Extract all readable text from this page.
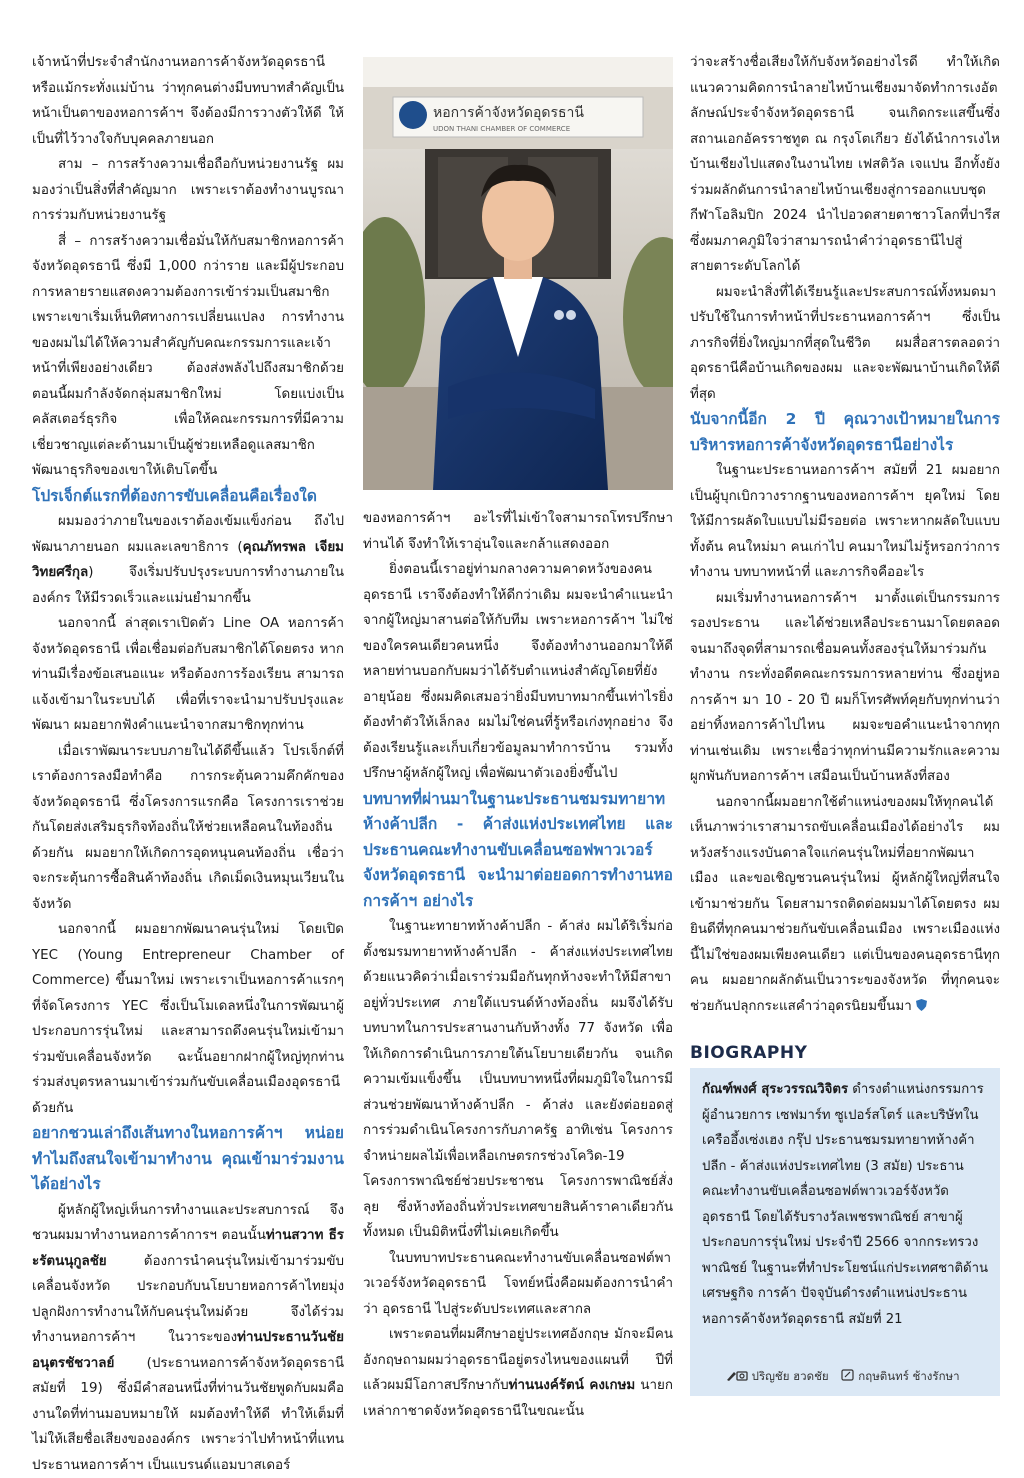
เจ้าหน้าที่ประจำสำนักงานหอการค้าจังหวัดอุดรธานีหรือแม้กระทั่งแม่บ้าน ว่าทุกคนต่างมีบทบาทสำคัญเป็นหน้าเป็นตาของหอการค้าฯ จึงต้องมีการวางตัวให้ดี ให้เป็นที่ไว้วางใจกับบุคคลภายนอก

สาม – การสร้างความเชื่อถือกับหน่วยงานรัฐ ผมมองว่าเป็นสิ่งที่สำคัญมาก เพราะเราต้องทำงานบูรณาการร่วมกับหน่วยงานรัฐ

สี่ – การสร้างความเชื่อมั่นให้กับสมาชิกหอการค้าจังหวัดอุดรธานี ซึ่งมี 1,000 กว่าราย และมีผู้ประกอบการหลายรายแสดงความต้องการเข้าร่วมเป็นสมาชิก เพราะเขาเริ่มเห็นทิศทางการเปลี่ยนแปลง การทำงานของผมไม่ได้ให้ความสำคัญกับคณะกรรมการและเจ้าหน้าที่เพียงอย่างเดียว ต้องส่งพลังไปถึงสมาชิกด้วย ตอนนี้ผมกำลังจัดกลุ่มสมาชิกใหม่ โดยแบ่งเป็นคลัสเตอร์ธุรกิจ เพื่อให้คณะกรรมการที่มีความเชี่ยวชาญแต่ละด้านมาเป็นผู้ช่วยเหลือดูแลสมาชิกพัฒนาธุรกิจของเขาให้เติบโตขึ้น

โปรเจ็กต์แรกที่ต้องการขับเคลื่อนคือเรื่องใด

ผมมองว่าภายในของเราต้องเข้มแข็งก่อน ถึงไปพัฒนาภายนอก ผมและเลขาธิการ (คุณภัทรพล เจียมวิทยศรีกุล) จึงเริ่มปรับปรุงระบบการทำงานภายในองค์กร ให้มีรวดเร็วและแม่นยำมากขึ้น

นอกจากนี้ ล่าสุดเราเปิดตัว Line OA หอการค้าจังหวัดอุดรธานี เพื่อเชื่อมต่อกับสมาชิกได้โดยตรง หากท่านมีเรื่องข้อเสนอแนะ หรือต้องการร้องเรียน สามารถแจ้งเข้ามาในระบบได้ เพื่อที่เราจะนำมาปรับปรุงและพัฒนา ผมอยากฟังคำแนะนำจากสมาชิกทุกท่าน

เมื่อเราพัฒนาระบบภายในได้ดีขึ้นแล้ว โปรเจ็กต์ที่เราต้องการลงมือทำคือ การกระตุ้นความคึกคักของจังหวัดอุดรธานี ซึ่งโครงการแรกคือ โครงการเราช่วยกันโดยส่งเสริมธุรกิจท้องถิ่นให้ช่วยเหลือคนในท้องถิ่นด้วยกัน ผมอยากให้เกิดการอุดหนุนคนท้องถิ่น เชื่อว่าจะกระตุ้นการซื้อสินค้าท้องถิ่น เกิดเม็ดเงินหมุนเวียนในจังหวัด

นอกจากนี้ ผมอยากพัฒนาคนรุ่นใหม่ โดยเปิด YEC (Young Entrepreneur Chamber of Commerce) ขึ้นมาใหม่ เพราะเราเป็นหอการค้าแรกๆ ที่จัดโครงการ YEC ซึ่งเป็นโมเดลหนึ่งในการพัฒนาผู้ประกอบการรุ่นใหม่ และสามารถดึงคนรุ่นใหม่เข้ามาร่วมขับเคลื่อนจังหวัด ฉะนั้นอยากฝากผู้ใหญ่ทุกท่านร่วมส่งบุตรหลานมาเข้าร่วมกันขับเคลื่อนเมืองอุดรธานีด้วยกัน

อยากชวนเล่าถึงเส้นทางในหอการค้าฯ หน่อย ทำไมถึงสนใจเข้ามาทำงาน คุณเข้ามาร่วมงานได้อย่างไร

ผู้หลักผู้ใหญ่เห็นการทำงานและประสบการณ์ จึงชวนผมมาทำงานหอการค้าการฯ ตอนนั้นท่านสวาท ธีระรัตนนุกูลชัย ต้องการนำคนรุ่นใหม่เข้ามาร่วมขับเคลื่อนจังหวัด ประกอบกับนโยบายหอการค้าไทยมุ่งปลูกฝังการทำงานให้กับคนรุ่นใหม่ด้วย จึงได้ร่วมทำงานหอการค้าฯ ในวาระของท่านประธานวันชัย อนุตรชัชวาลย์ (ประธานหอการค้าจังหวัดอุดรธานี สมัยที่ 19) ซึ่งมีคำสอนหนึ่งที่ท่านวันชัยพูดกับผมคืองานใดที่ท่านมอบหมายให้ ผมต้องทำให้ดี ทำให้เต็มที่ ไม่ให้เสียชื่อเสียงขององค์กร เพราะว่าไปทำหน้าที่แทนประธานหอการค้าฯ เป็นแบรนด์แอมบาสเดอร์

หอการค้าจังหวัดอุดรธานี
UDON THANI CHAMBER OF COMMERCE

ของหอการค้าฯ อะไรที่ไม่เข้าใจสามารถโทรปรึกษาท่านได้ จึงทำให้เราอุ่นใจและกล้าแสดงออก

ยิ่งตอนนี้เราอยู่ท่ามกลางความคาดหวังของคนอุดรธานี เราจึงต้องทำให้ดีกว่าเดิม ผมจะนำคำแนะนำจากผู้ใหญ่มาสานต่อให้กับทีม เพราะหอการค้าฯ ไม่ใช่ของใครคนเดียวคนหนึ่ง จึงต้องทำงานออกมาให้ดี หลายท่านบอกกับผมว่าได้รับตำแหน่งสำคัญโดยที่ยังอายุน้อย ซึ่งผมคิดเสมอว่ายิ่งมีบทบาทมากขึ้นเท่าไรยิ่งต้องทำตัวให้เล็กลง ผมไม่ใช่คนที่รู้หรือเก่งทุกอย่าง จึงต้องเรียนรู้และเก็บเกี่ยวข้อมูลมาทำการบ้าน รวมทั้งปรึกษาผู้หลักผู้ใหญ่ เพื่อพัฒนาตัวเองยิ่งขึ้นไป

บทบาทที่ผ่านมาในฐานะประธานชมรมทายาทห้างค้าปลีก - ค้าส่งแห่งประเทศไทย และประธานคณะทำงานขับเคลื่อนซอฟพาวเวอร์จังหวัดอุดรธานี จะนำมาต่อยอดการทำงานหอการค้าฯ อย่างไร

ในฐานะทายาทห้างค้าปลีก - ค้าส่ง ผมได้ริเริ่มก่อตั้งชมรมทายาทห้างค้าปลีก - ค้าส่งแห่งประเทศไทย ด้วยแนวคิดว่าเมื่อเราร่วมมือกันทุกห้างจะทำให้มีสาขาอยู่ทั่วประเทศ ภายใต้แบรนด์ห้างท้องถิ่น ผมจึงได้รับบทบาทในการประสานงานกับห้างทั้ง 77 จังหวัด เพื่อให้เกิดการดำเนินการภายใต้นโยบายเดียวกัน จนเกิดความเข้มแข็งขึ้น เป็นบทบาทหนึ่งที่ผมภูมิใจในการมีส่วนช่วยพัฒนาห้างค้าปลีก - ค้าส่ง และยังต่อยอดสู่การร่วมดำเนินโครงการกับภาครัฐ อาทิเช่น โครงการจำหน่ายผลไม้เพื่อเหลือเกษตรกรช่วงโควิด-19 โครงการพาณิชย์ช่วยประชาชน โครงการพาณิชย์สั่งลุย ซึ่งห้างท้องถิ่นทั่วประเทศขายสินค้าราคาเดียวกันทั้งหมด เป็นมิติหนึ่งที่ไม่เคยเกิดขึ้น

ในบทบาทประธานคณะทำงานขับเคลื่อนซอฟต์พาวเวอร์จังหวัดอุดรธานี โจทย์หนึ่งคือผมต้องการนำคำว่า อุดรธานี ไปสู่ระดับประเทศและสากล

เพราะตอนที่ผมศึกษาอยู่ประเทศอังกฤษ มักจะมีคนอังกฤษถามผมว่าอุดรธานีอยู่ตรงไหนของแผนที่ ปีที่แล้วผมมีโอกาสปรึกษากับท่านนงค์รัตน์ คงเกษม นายกเหล่ากาชาดจังหวัดอุดรธานีในขณะนั้น

ว่าจะสร้างชื่อเสียงให้กับจังหวัดอย่างไรดี ทำให้เกิดแนวความคิดการนำลายไหบ้านเชียงมาจัดทำการเงอัตลักษณ์ประจำจังหวัดอุดรธานี จนเกิดกระแสขึ้นซึ่งสถานเอกอัครราชทูต ณ กรุงโตเกียว ยังได้นำการเงไหบ้านเชียงไปแสดงในงานไทย เฟสติวัล เจแปน อีกทั้งยังร่วมผลักดันการนำลายไหบ้านเชียงสู่การออกแบบชุดกีฬาโอลิมปิก 2024 นำไปอวดสายตาชาวโลกที่ปารีส ซึ่งผมภาคภูมิใจว่าสามารถนำคำว่าอุดรธานีไปสู่สายตาระดับโลกได้

ผมจะนำสิ่งที่ได้เรียนรู้และประสบการณ์ทั้งหมดมาปรับใช้ในการทำหน้าที่ประธานหอการค้าฯ ซึ่งเป็นภารกิจที่ยิ่งใหญ่มากที่สุดในชีวิต ผมสื่อสารตลอดว่าอุดรธานีคือบ้านเกิดของผม และจะพัฒนาบ้านเกิดให้ดีที่สุด

นับจากนี้อีก 2 ปี คุณวางเป้าหมายในการบริหารหอการค้าจังหวัดอุดรธานีอย่างไร

ในฐานะประธานหอการค้าฯ สมัยที่ 21 ผมอยากเป็นผู้บุกเบิกวางรากฐานของหอการค้าฯ ยุคใหม่ โดยให้มีการผลัดใบแบบไม่มีรอยต่อ เพราะหากผลัดใบแบบทั้งต้น คนใหม่มา คนเก่าไป คนมาใหม่ไม่รู้หรอกว่าการทำงาน บทบาทหน้าที่ และภารกิจคืออะไร

ผมเริ่มทำงานหอการค้าฯ มาตั้งแต่เป็นกรรมการรองประธาน และได้ช่วยเหลือประธานมาโดยตลอด จนมาถึงจุดที่สามารถเชื่อมคนทั้งสองรุ่นให้มาร่วมกันทำงาน กระทั่งอดีตคณะกรรมการหลายท่าน ซึ่งอยู่หอการค้าฯ มา 10 - 20 ปี ผมก็โทรศัพท์คุยกับทุกท่านว่า อย่าทิ้งหอการค้าไปไหน ผมจะขอคำแนะนำจากทุกท่านเช่นเดิม เพราะเชื่อว่าทุกท่านมีความรักและความผูกพันกับหอการค้าฯ เสมือนเป็นบ้านหลังที่สอง

นอกจากนี้ผมอยากใช้ตำแหน่งของผมให้ทุกคนได้เห็นภาพว่าเราสามารถขับเคลื่อนเมืองได้อย่างไร ผมหวังสร้างแรงบันดาลใจแก่คนรุ่นใหม่ที่อยากพัฒนาเมือง และขอเชิญชวนคนรุ่นใหม่ ผู้หลักผู้ใหญ่ที่สนใจ เข้ามาช่วยกัน โดยสามารถติดต่อผมมาได้โดยตรง ผมยินดีที่ทุกคนมาช่วยกันขับเคลื่อนเมือง เพราะเมืองแห่งนี้ไม่ใช่ของผมเพียงคนเดียว แต่เป็นของคนอุดรธานีทุกคน ผมอยากผลักดันเป็นวาระของจังหวัด ที่ทุกคนจะช่วยกันปลุกกระแสคำว่าอุดรนิยมขึ้นมา

BIOGRAPHY
กัณฑ์พงศ์ สุระวรรณวิจิตร ดำรงตำแหน่งกรรมการผู้อำนวยการ เซฟมาร์ท ซูเปอร์สโตร์ และบริษัทในเครืออึ้งเซ่งเฮง กรุ๊ป ประธานชมรมทายาทห้างค้าปลีก - ค้าส่งแห่งประเทศไทย (3 สมัย) ประธานคณะทำงานขับเคลื่อนซอฟต์พาวเวอร์จังหวัดอุดรธานี โดยได้รับรางวัลเพชรพาณิชย์ สาขาผู้ประกอบการรุ่นใหม่ ประจำปี 2566 จากกระทรวงพาณิชย์ ในฐานะที่ทำประโยชน์แก่ประเทศชาติด้านเศรษฐกิจ การค้า ปัจจุบันดำรงตำแหน่งประธานหอการค้าจังหวัดอุดรธานี สมัยที่ 21
ปริญชัย ฮวดชัย	กฤษตินทร์ ช้างรักษา
